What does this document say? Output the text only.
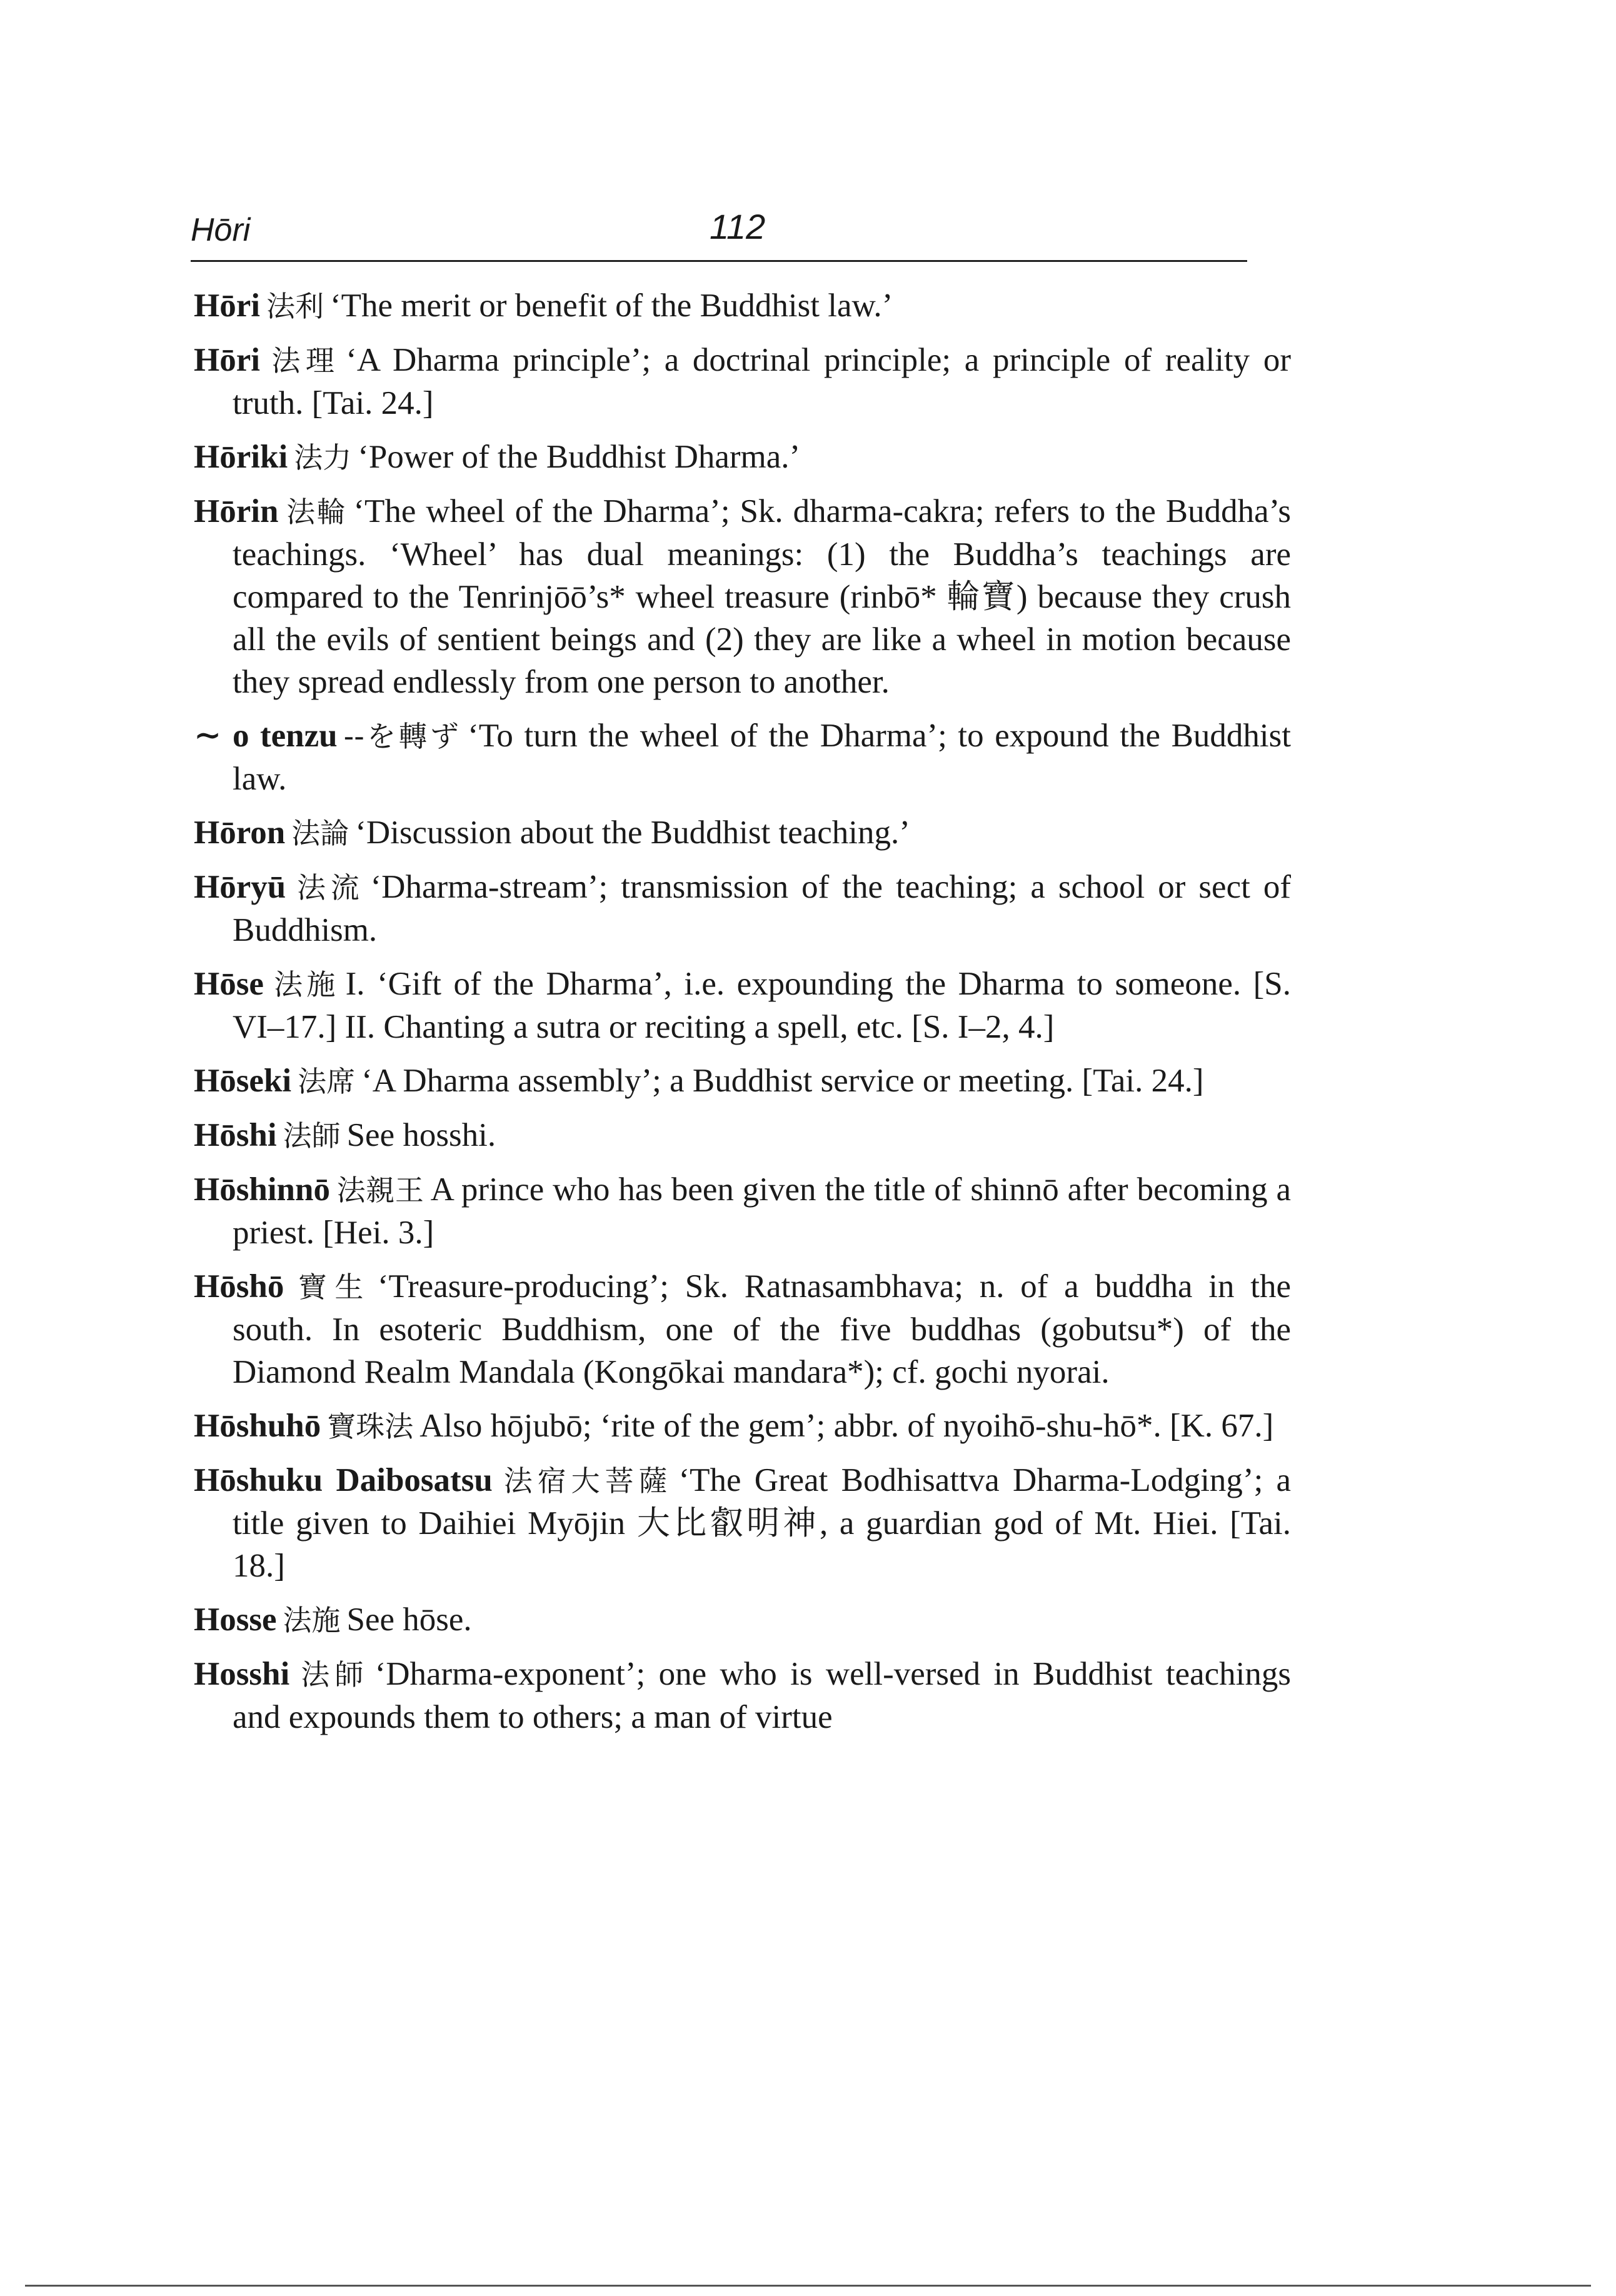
Hōri	112

Hōri 法利 ‘The merit or benefit of the Buddhist law.’

Hōri 法理 ‘A Dharma principle’; a doctrinal principle; a principle of reality or truth. [Tai. 24.]

Hōriki 法力 ‘Power of the Buddhist Dharma.’

Hōrin 法輪 ‘The wheel of the Dharma’; Sk. dharma-cakra; refers to the Buddha’s teachings. ‘Wheel’ has dual meanings: (1) the Buddha’s teachings are compared to the Tenrinjōō’s* wheel treasure (rinbō* 輪寶) because they crush all the evils of sentient beings and (2) they are like a wheel in motion because they spread endlessly from one person to another.

∼ o tenzu --を轉ず ‘To turn the wheel of the Dharma’; to expound the Buddhist law.

Hōron 法論 ‘Discussion about the Buddhist teaching.’

Hōryū 法流 ‘Dharma-stream’; transmission of the teaching; a school or sect of Buddhism.

Hōse 法施 I. ‘Gift of the Dharma’, i.e. expounding the Dharma to someone. [S. VI–17.] II. Chanting a sutra or reciting a spell, etc. [S. I–2, 4.]

Hōseki 法席 ‘A Dharma assembly’; a Buddhist service or meeting. [Tai. 24.]

Hōshi 法師 See hosshi.

Hōshinnō 法親王 A prince who has been given the title of shinnō after becoming a priest. [Hei. 3.]

Hōshō 寶生 ‘Treasure-producing’; Sk. Ratnasambhava; n. of a buddha in the south. In esoteric Buddhism, one of the five buddhas (gobutsu*) of the Diamond Realm Mandala (Kongōkai mandara*); cf. gochi nyorai.

Hōshuhō 寶珠法 Also hōjubō; ‘rite of the gem’; abbr. of nyoihō-shu-hō*. [K. 67.]

Hōshuku Daibosatsu 法宿大菩薩 ‘The Great Bodhisattva Dharma-Lodging’; a title given to Daihiei Myōjin 大比叡明神, a guardian god of Mt. Hiei. [Tai. 18.]

Hosse 法施 See hōse.

Hosshi 法師 ‘Dharma-exponent’; one who is well-versed in Buddhist teachings and expounds them to others; a man of virtue
